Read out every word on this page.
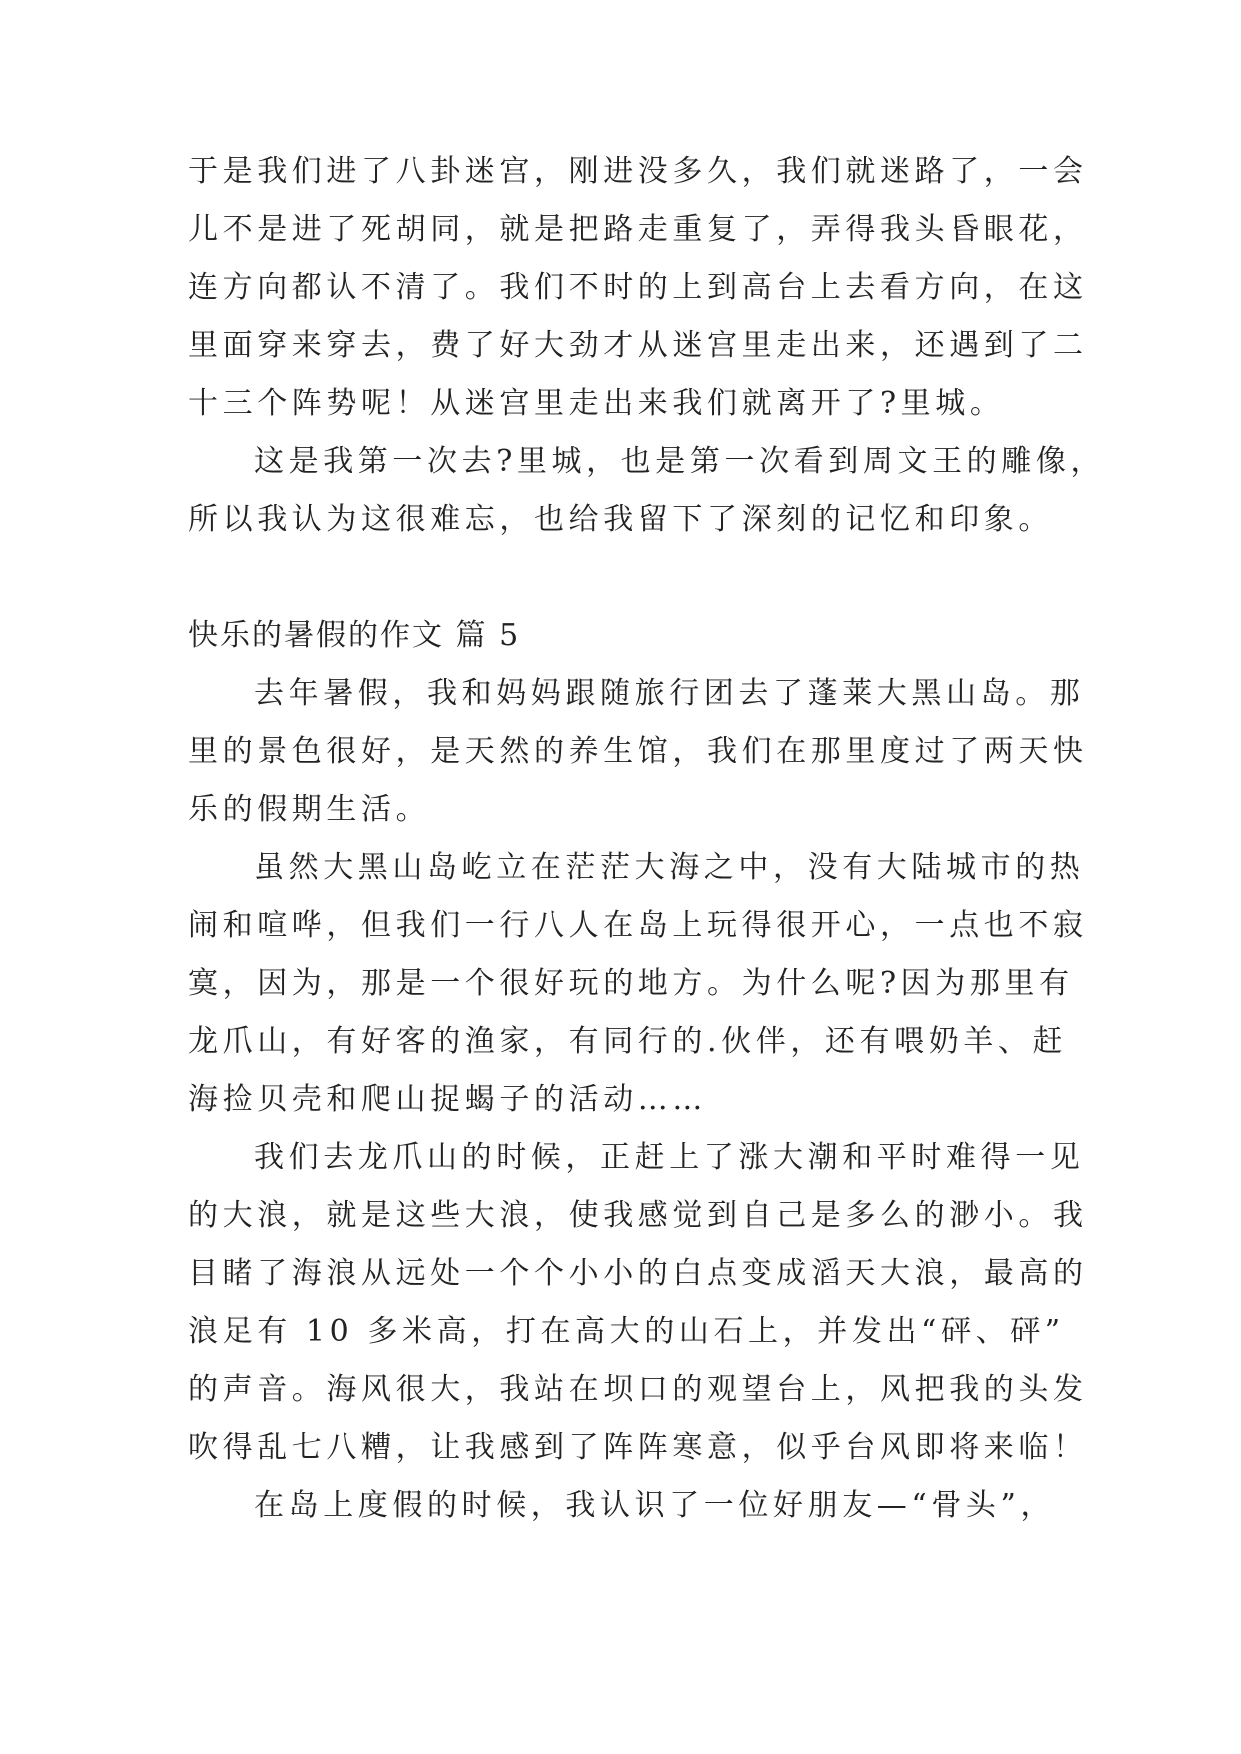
于是我们进了八卦迷宫，刚进没多久，我们就迷路了，一会
儿不是进了死胡同，就是把路走重复了，弄得我头昏眼花，
连方向都认不清了。我们不时的上到高台上去看方向，在这
里面穿来穿去，费了好大劲才从迷宫里走出来，还遇到了二
十三个阵势呢！从迷宫里走出来我们就离开了?里城。
这是我第一次去?里城，也是第一次看到周文王的雕像，
所以我认为这很难忘，也给我留下了深刻的记忆和印象。
快乐的暑假的作文 篇 5
去年暑假，我和妈妈跟随旅行团去了蓬莱大黑山岛。那
里的景色很好，是天然的养生馆，我们在那里度过了两天快
乐的假期生活。
虽然大黑山岛屹立在茫茫大海之中，没有大陆城市的热
闹和喧哗，但我们一行八人在岛上玩得很开心，一点也不寂
寞，因为，那是一个很好玩的地方。为什么呢?因为那里有
龙爪山，有好客的渔家，有同行的.伙伴，还有喂奶羊、赶
海捡贝壳和爬山捉蝎子的活动……
我们去龙爪山的时候，正赶上了涨大潮和平时难得一见
的大浪，就是这些大浪，使我感觉到自己是多么的渺小。我
目睹了海浪从远处一个个小小的白点变成滔天大浪，最高的
浪足有 10 多米高，打在高大的山石上，并发出“砰、砰”
的声音。海风很大，我站在坝口的观望台上，风把我的头发
吹得乱七八糟，让我感到了阵阵寒意，似乎台风即将来临！
在岛上度假的时候，我认识了一位好朋友—“骨头”，
